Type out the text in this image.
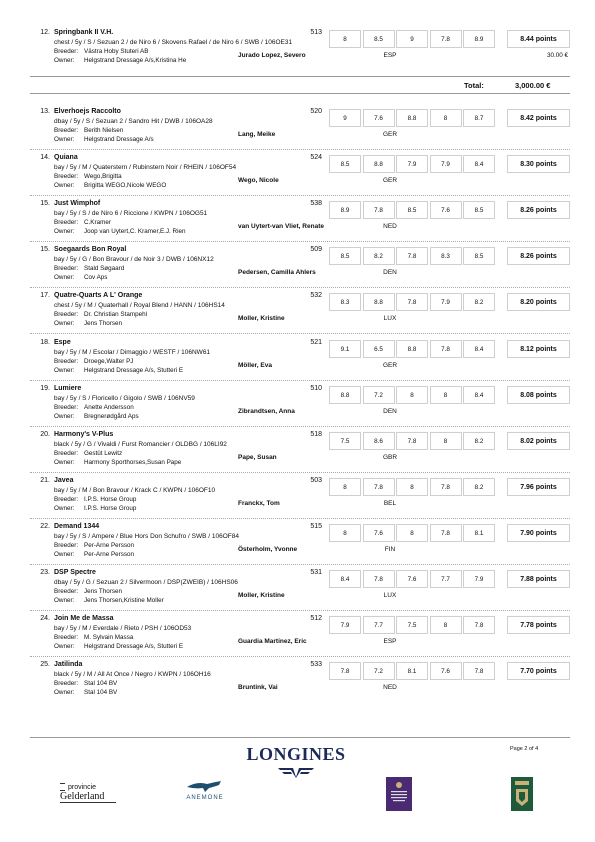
12. Springbank II V.H.	513
chest / 5y / S / Sezuan 2 / de Niro 6 / Skovens Rafael / de Niro 6 / SWB / 106OE31
Breeder: Västra Hoby Stuteri AB
Owner: Helgstrand Dressage A/s,Kristina He
Jurado Lopez, Severo	ESP
8	8.5	9	7.8	8.9	8.44 points
30.00 €
13. Elverhoejs Raccolto	520
dbay / 5y / S / Sezuan 2 / Sandro Hit / DWB / 106OA28
Breeder: Berith Nielsen
Owner: Helgstrand Dressage A/s
Lang, Meike	GER
9	7.6	8.8	8	8.7	8.42 points
14. Quiana	524
bay / 5y / M / Quaterstern / Rubinstern Noir / RHEIN / 106OF54
Breeder: Wego,Brigitta
Owner: Brigitta WEGO,Nicole WEGO
Wego, Nicole	GER
8.5	8.8	7.9	7.9	8.4	8.30 points
15. Just Wimphof	538
bay / 5y / S / de Niro 6 / Riccione / KWPN / 106OG51
Breeder: C.Kramer
Owner: Joop van Uytert,C. Kramer,E.J. Rien
van Uytert-van Vliet, Renate	NED
8.9	7.8	8.5	7.6	8.5	8.26 points
15. Soegaards Bon Royal	509
bay / 5y / G / Bon Bravour / de Noir 3 / DWB / 106NX12
Breeder: Stald Søgaard
Owner: Cov Aps
Pedersen, Camilla Ahlers	DEN
8.5	8.2	7.8	8.3	8.5	8.26 points
17. Quatre-Quarts A L' Orange	532
chest / 5y / M / Quaterhall / Royal Blend / HANN / 106HS14
Breeder: Dr. Christian Stampehl
Owner: Jens Thorsen
Moller, Kristine	LUX
8.3	8.8	7.8	7.9	8.2	8.20 points
18. Espe	521
bay / 5y / M / Escolar / Dimaggio / WESTF / 106NW61
Breeder: Droege,Walter PJ
Owner: Helgstrand Dressage A/s, Stutteri E
Möller, Eva	GER
9.1	6.5	8.8	7.8	8.4	8.12 points
19. Lumiere	510
bay / 5y / S / Floricello / Gigolo / SWB / 106NV59
Breeder: Anette Andersson
Owner: Bregnerødgård Aps
Zibrandtsen, Anna	DEN
8.8	7.2	8	8	8.4	8.08 points
20. Harmony's V-Plus	518
black / 5y / G / Vivaldi / Furst Romancier / OLDBG / 106LI92
Breeder: Gestüt Lewitz
Owner: Harmony Sporthorses,Susan Pape
Pape, Susan	GBR
7.5	8.6	7.8	8	8.2	8.02 points
21. Javea	503
bay / 5y / M / Bon Bravour / Krack C / KWPN / 106OF10
Breeder: I.P.S. Horse Group
Owner: I.P.S. Horse Group
Franckx, Tom	BEL
8	7.8	8	7.8	8.2	7.96 points
22. Demand 1344	515
bay / 5y / S / Ampere / Blue Hors Don Schufro / SWB / 106OF84
Breeder: Per-Arne Persson
Owner: Per-Arne Persson
Österholm, Yvonne	FIN
8	7.6	8	7.8	8.1	7.90 points
23. DSP Spectre	531
dbay / 5y / G / Sezuan 2 / Silvermoon / DSP(ZWEIB) / 106HS06
Breeder: Jens Thorsen
Owner: Jens Thorsen,Kristine Moller
Moller, Kristine	LUX
8.4	7.8	7.6	7.7	7.9	7.88 points
24. Join Me de Massa	512
bay / 5y / M / Everdale / Rieto / PSH / 106OD53
Breeder: M. Sylvain Massa
Owner: Helgstrand Dressage A/s, Stutteri E
Guardia Martinez, Eric	ESP
7.9	7.7	7.5	8	7.8	7.78 points
25. Jatilinda	533
black / 5y / M / All At Once / Negro / KWPN / 106OH16
Breeder: Stal 104 BV
Owner: Stal 104 BV
Bruntink, Vai	NED
7.8	7.2	8.1	7.6	7.8	7.70 points
Total:	3,000.00 €
LONGINES	Page 2 of 4
provincie
Gelderland	ANEMONE
